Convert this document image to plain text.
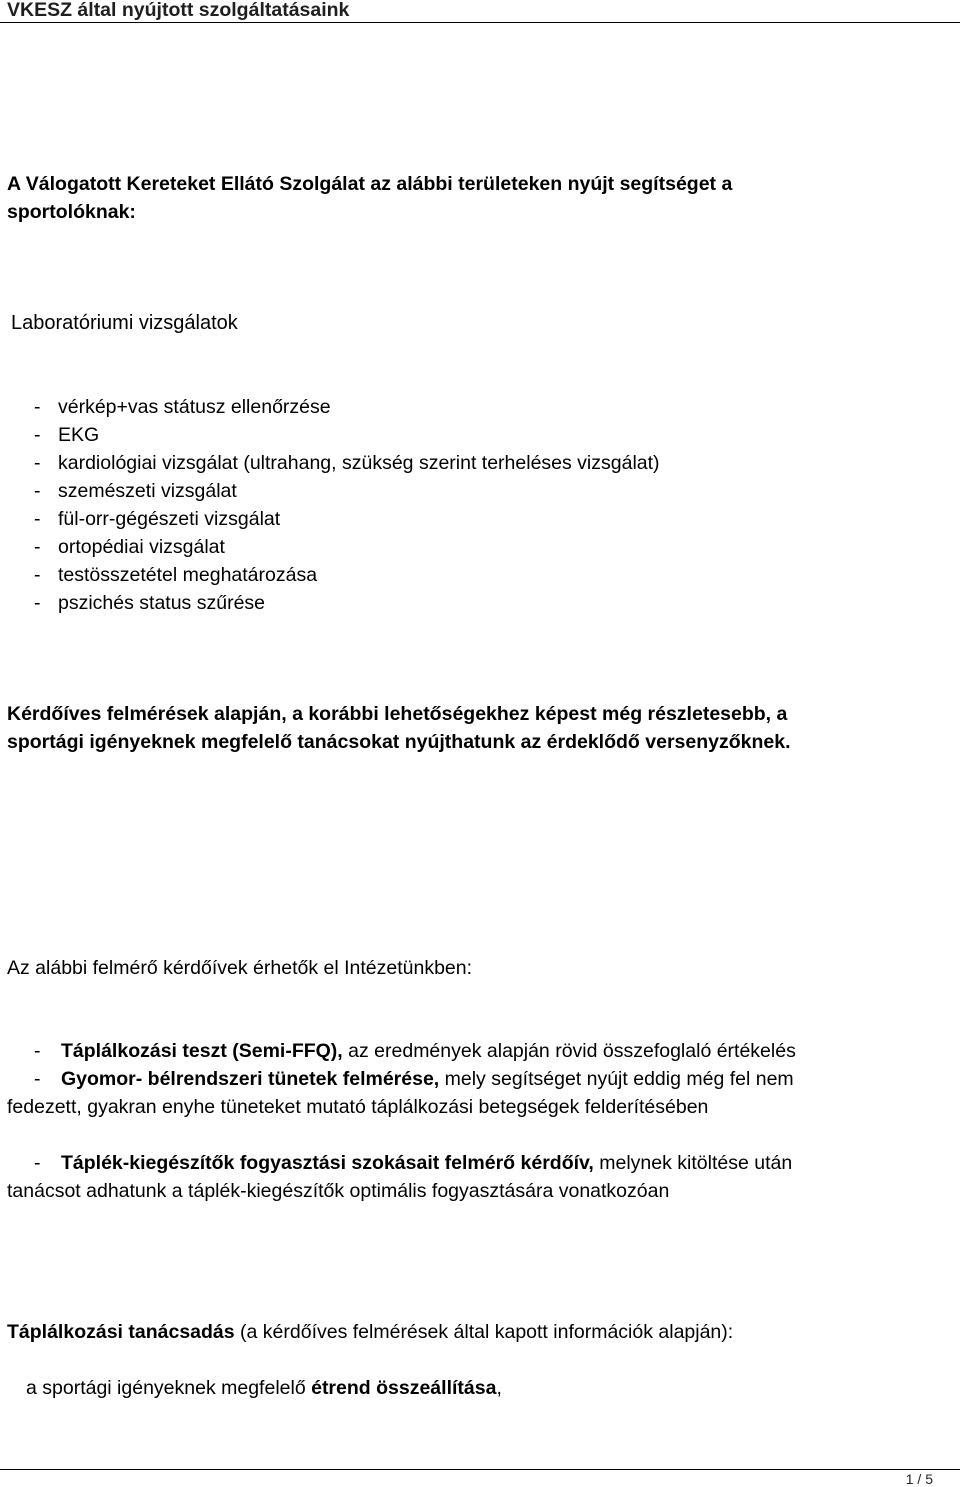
VKESZ által nyújtott szolgáltatásaink
A Válogatott Kereteket Ellátó Szolgálat az alábbi területeken nyújt segítséget a
sportolóknak:
Laboratóriumi vizsgálatok
- vérkép+vas státusz ellenőrzése
- EKG
- kardiológiai vizsgálat (ultrahang, szükség szerint terheléses vizsgálat)
- szemészeti vizsgálat
- fül-orr-gégészeti vizsgálat
- ortopédiai vizsgálat
- testösszetétel meghatározása
- pszichés status szűrése
Kérdőíves felmérések alapján, a korábbi lehetőségekhez képest még részletesebb, a
sportági igényeknek megfelelő tanácsokat nyújthatunk az érdeklődő versenyzőknek.
Az alábbi felmérő kérdőívek érhetők el Intézetünkben:
- Táplálkozási teszt (Semi-FFQ), az eredmények alapján rövid összefoglaló értékelés
- Gyomor- bélrendszeri tünetek felmérése, mely segítséget nyújt eddig még fel nem
fedezett, gyakran enyhe tüneteket mutató táplálkozási betegségek felderítésében
- Táplék-kiegészítők fogyasztási szokásait felmérő kérdőív, melynek kitöltése után
tanácsot adhatunk a táplék-kiegészítők optimális fogyasztására vonatkozóan
Táplálkozási tanácsadás (a kérdőíves felmérések által kapott információk alapján):
a sportági igényeknek megfelelő étrend összeállítása,
1 / 5
